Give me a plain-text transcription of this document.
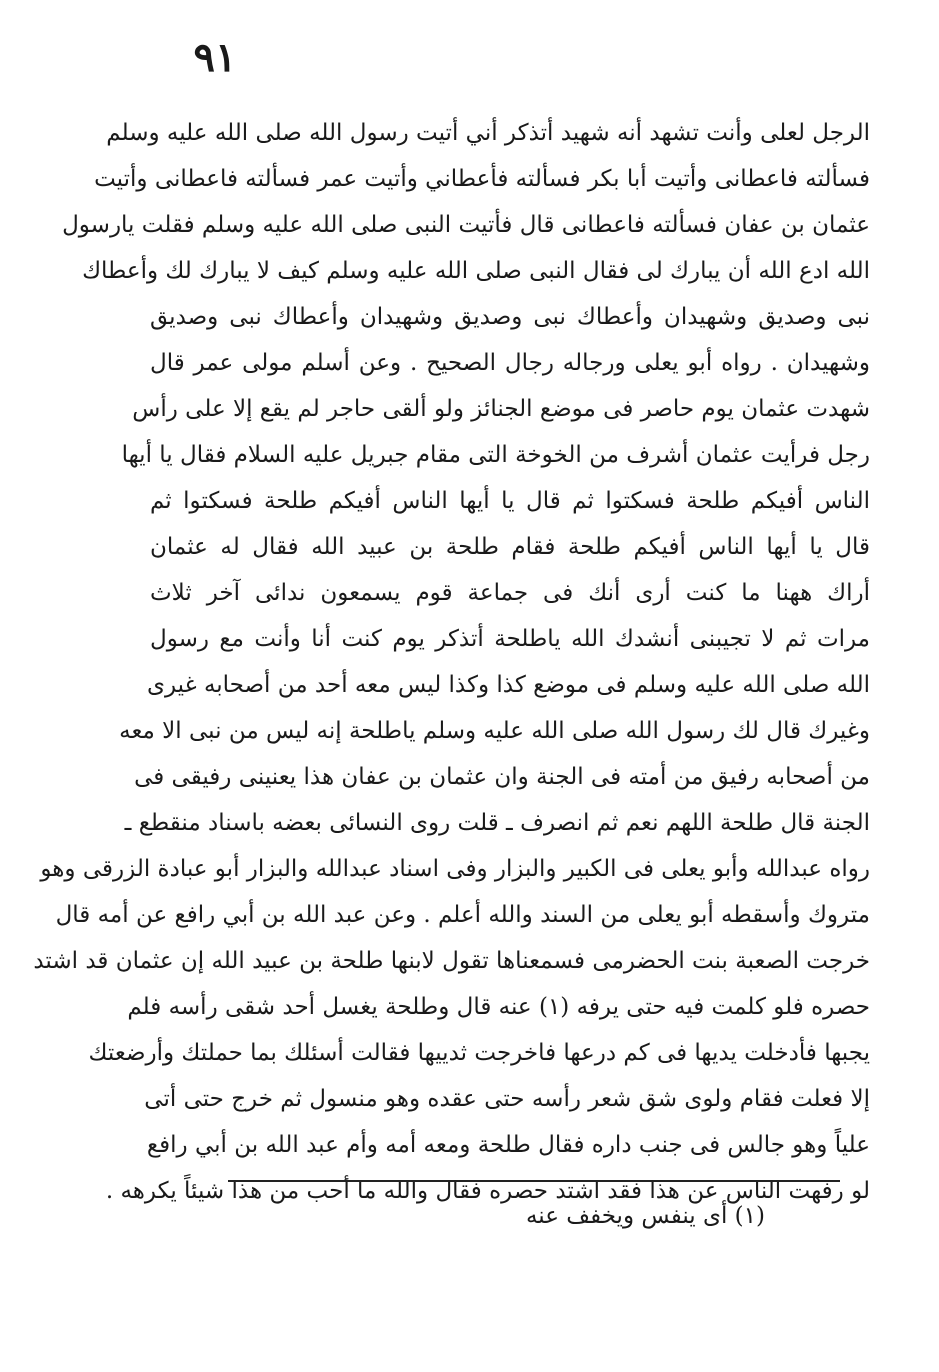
٩١
الرجل لعلى وأنت تشهد أنه شهيد أتذكر أني أتيت رسول الله صلى الله عليه وسلم
فسألته فاعطانى وأتيت أبا بكر فسألته فأعطاني وأتيت عمر فسألته فاعطانى وأتيت
عثمان بن عفان فسألته فاعطانى قال فأتيت النبى صلى الله عليه وسلم فقلت يارسول
الله ادع الله أن يبارك لى فقال النبى صلى الله عليه وسلم كيف لا يبارك لك وأعطاك
نبى وصديق وشهيدان وأعطاك نبى وصديق وشهيدان وأعطاك نبى وصديق
وشهيدان . رواه أبو يعلى ورجاله رجال الصحيح . وعن أسلم مولى عمر قال
شهدت عثمان يوم حاصر فى موضع الجنائز ولو ألقى حاجر لم يقع إلا على رأس
رجل فرأيت عثمان أشرف من الخوخة التى مقام جبريل عليه السلام فقال يا أيها
الناس أفيكم طلحة فسكتوا ثم قال يا أيها الناس أفيكم طلحة فسكتوا ثم
قال يا أيها الناس أفيكم طلحة فقام طلحة بن عبيد الله فقال له عثمان
أراك ههنا ما كنت أرى أنك فى جماعة قوم يسمعون ندائى آخر ثلاث
مرات ثم لا تجيبنى أنشدك الله ياطلحة أتذكر يوم كنت أنا وأنت مع رسول
الله صلى الله عليه وسلم فى موضع كذا وكذا ليس معه أحد من أصحابه غيرى
وغيرك قال لك رسول الله صلى الله عليه وسلم ياطلحة إنه ليس من نبى الا معه
من أصحابه رفيق من أمته فى الجنة وان عثمان بن عفان هذا يعنينى رفيقى فى
الجنة قال طلحة اللهم نعم ثم انصرف ـ قلت روى النسائى بعضه باسناد منقطع ـ
رواه عبدالله وأبو يعلى فى الكبير والبزار وفى اسناد عبدالله والبزار أبو عبادة الزرقى وهو
متروك وأسقطه أبو يعلى من السند والله أعلم . وعن عبد الله بن أبي رافع عن أمه قال
خرجت الصعبة بنت الحضرمى فسمعناها تقول لابنها طلحة بن عبيد الله إن عثمان قد اشتد
حصره فلو كلمت فيه حتى يرفه (١) عنه قال وطلحة يغسل أحد شقى رأسه فلم
يجبها فأدخلت يديها فى كم درعها فاخرجت ثدييها فقالت أسئلك بما حملتك وأرضعتك
إلا فعلت فقام ولوى شق شعر رأسه حتى عقده وهو منسول ثم خرج حتى أتى
علياً وهو جالس فى جنب داره فقال طلحة ومعه أمه وأم عبد الله بن أبي رافع
لو رفهت الناس عن هذا فقد اشتد حصره فقال والله ما أحب من هذا شيئاً يكرهه .
(١) أى ينفس ويخفف عنه
